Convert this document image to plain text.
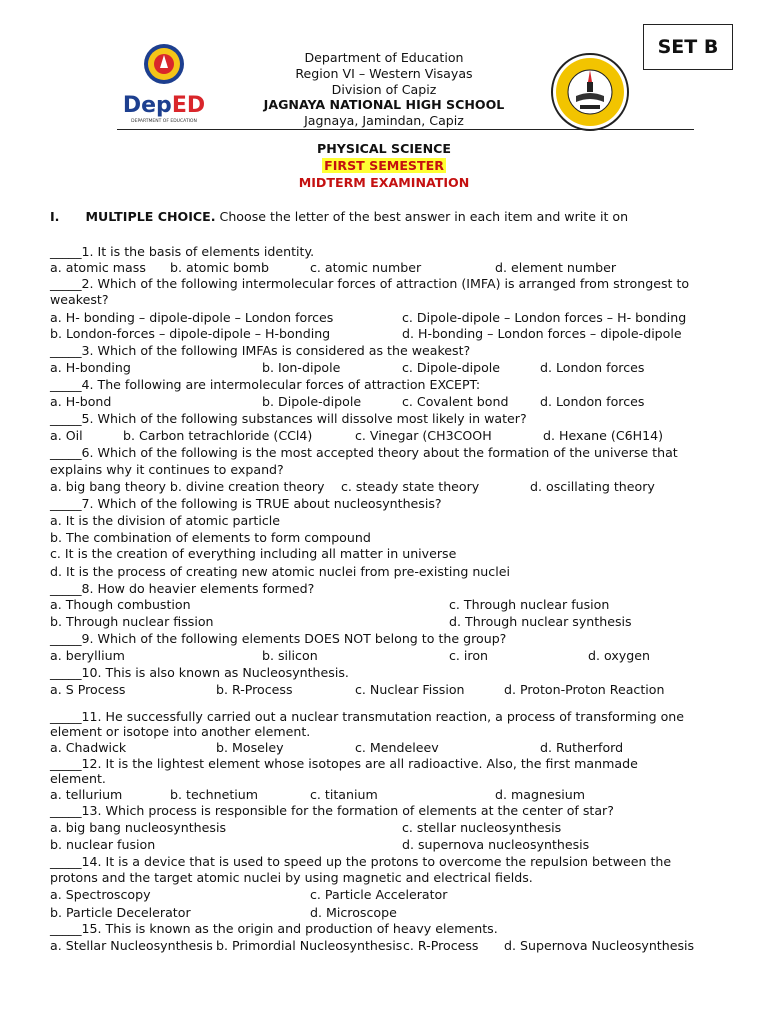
SET B
DepED
DEPARTMENT OF EDUCATION
Department of Education
Region VI – Western Visayas
Division of Capiz
JAGNAYA NATIONAL HIGH SCHOOL
Jagnaya, Jamindan, Capiz
PHYSICAL SCIENCE
FIRST SEMESTER
MIDTERM EXAMINATION
I. MULTIPLE CHOICE. Choose the letter of the best answer in each item and write it on
_____1. It is the basis of elements identity.
a. atomic mass b. atomic bomb	c. atomic number	d. element number
_____2. Which of the following intermolecular forces of attraction (IMFA) is arranged from strongest to
weakest?
a. H- bonding – dipole-dipole – London forces	c. Dipole-dipole – London forces – H- bonding
b. London-forces – dipole-dipole – H-bonding	d. H-bonding – London forces – dipole-dipole
_____3. Which of the following IMFAs is considered as the weakest?
a. H-bonding	b. Ion-dipole	c. Dipole-dipole	d. London forces
_____4. The following are intermolecular forces of attraction EXCEPT:
a. H-bond	b. Dipole-dipole	c. Covalent bond	d. London forces
_____5. Which of the following substances will dissolve most likely in water?
a. Oil	b. Carbon tetrachloride (CCl4)	c. Vinegar (CH3COOH	d. Hexane (C6H14)
_____6. Which of the following is the most accepted theory about the formation of the universe that
explains why it continues to expand?
a. big bang theory b. divine creation theory c. steady state theory	d. oscillating theory
_____7. Which of the following is TRUE about nucleosynthesis?
a. It is the division of atomic particle
b. The combination of elements to form compound
c. It is the creation of everything including all matter in universe
d. It is the process of creating new atomic nuclei from pre-existing nuclei
_____8. How do heavier elements formed?
a. Though combustion	c. Through nuclear fusion
b. Through nuclear fission	d. Through nuclear synthesis
_____9. Which of the following elements DOES NOT belong to the group?
a. beryllium	b. silicon	c. iron	d. oxygen
_____10. This is also known as Nucleosynthesis.
a. S Process	b. R-Process	c. Nuclear Fission	d. Proton-Proton Reaction
_____11. He successfully carried out a nuclear transmutation reaction, a process of transforming one
element or isotope into another element.
a. Chadwick	b. Moseley	c. Mendeleev	d. Rutherford
_____12. It is the lightest element whose isotopes are all radioactive. Also, the first manmade
element.
a. tellurium	b. technetium	c. titanium	d. magnesium
_____13. Which process is responsible for the formation of elements at the center of star?
a. big bang nucleosynthesis	c. stellar nucleosynthesis
b. nuclear fusion	d. supernova nucleosynthesis
_____14. It is a device that is used to speed up the protons to overcome the repulsion between the
protons and the target atomic nuclei by using magnetic and electrical fields.
a. Spectroscopy	c. Particle Accelerator
b. Particle Decelerator	d. Microscope
_____15. This is known as the origin and production of heavy elements.
a. Stellar Nucleosynthesis b. Primordial Nucleosynthesis c. R-Process d. Supernova Nucleosynthesis
